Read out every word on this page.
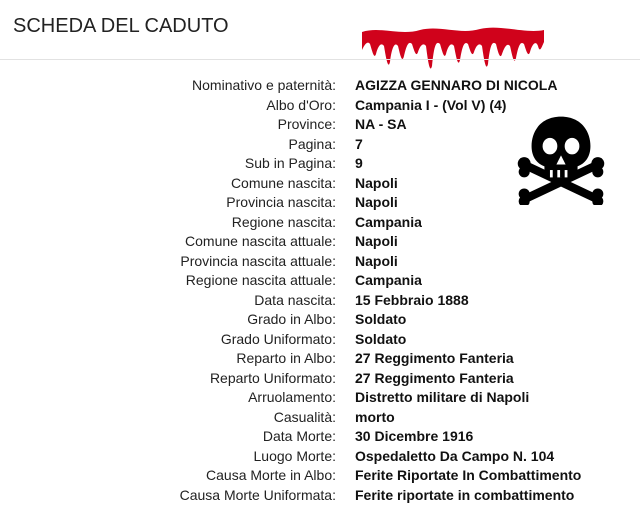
SCHEDA DEL CADUTO
Nominativo e paternità: AGIZZA GENNARO DI NICOLA
Albo d'Oro: Campania I - (Vol V) (4)
Province: NA - SA
Pagina: 7
Sub in Pagina: 9
Comune nascita: Napoli
Provincia nascita: Napoli
Regione nascita: Campania
Comune nascita attuale: Napoli
Provincia nascita attuale: Napoli
Regione nascita attuale: Campania
Data nascita: 15 Febbraio 1888
Grado in Albo: Soldato
Grado Uniformato: Soldato
Reparto in Albo: 27 Reggimento Fanteria
Reparto Uniformato: 27 Reggimento Fanteria
Arruolamento: Distretto militare di Napoli
Casualità: morto
Data Morte: 30 Dicembre 1916
Luogo Morte: Ospedaletto Da Campo N. 104
Causa Morte in Albo: Ferite Riportate In Combattimento
Causa Morte Uniformata: Ferite riportate in combattimento
